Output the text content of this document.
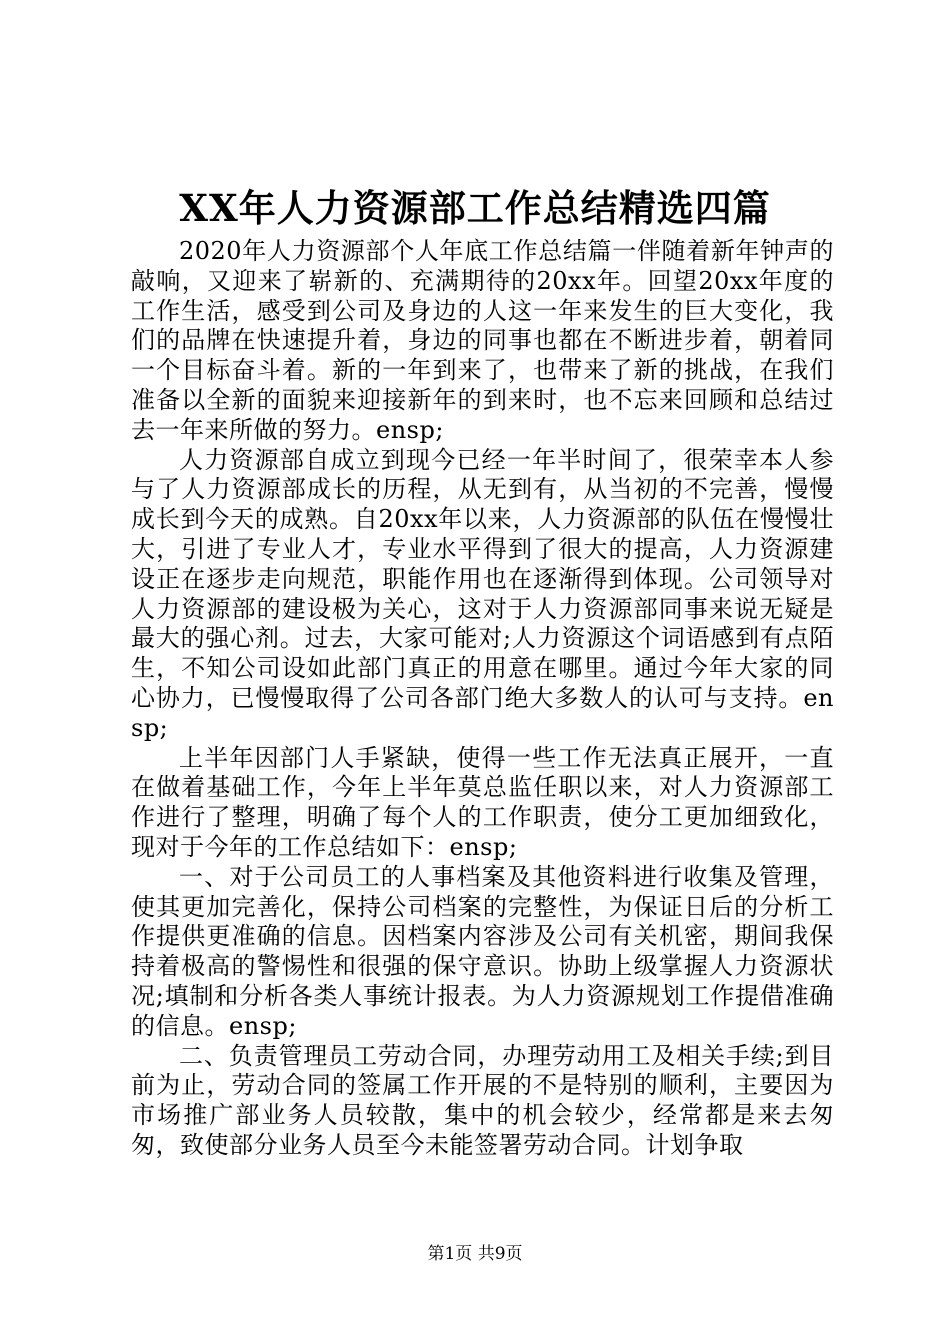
XX年人力资源部工作总结精选四篇

2020年人力资源部个人年底工作总结篇一伴随着新年钟声的敲响，又迎来了崭新的、充满期待的20xx年。回望20xx年度的工作生活，感受到公司及身边的人这一年来发生的巨大变化，我们的品牌在快速提升着，身边的同事也都在不断进步着，朝着同一个目标奋斗着。新的一年到来了，也带来了新的挑战，在我们准备以全新的面貌来迎接新年的到来时，也不忘来回顾和总结过去一年来所做的努力。ensp;

人力资源部自成立到现今已经一年半时间了，很荣幸本人参与了人力资源部成长的历程，从无到有，从当初的不完善，慢慢成长到今天的成熟。自20xx年以来，人力资源部的队伍在慢慢壮大，引进了专业人才，专业水平得到了很大的提高，人力资源建设正在逐步走向规范，职能作用也在逐渐得到体现。公司领导对人力资源部的建设极为关心，这对于人力资源部同事来说无疑是最大的强心剂。过去，大家可能对;人力资源这个词语感到有点陌生，不知公司设如此部门真正的用意在哪里。通过今年大家的同心协力，已慢慢取得了公司各部门绝大多数人的认可与支持。ensp;

上半年因部门人手紧缺，使得一些工作无法真正展开，一直在做着基础工作，今年上半年莫总监任职以来，对人力资源部工作进行了整理，明确了每个人的工作职责，使分工更加细致化，现对于今年的工作总结如下：ensp;

一、对于公司员工的人事档案及其他资料进行收集及管理，使其更加完善化，保持公司档案的完整性，为保证日后的分析工作提供更准确的信息。因档案内容涉及公司有关机密，期间我保持着极高的警惕性和很强的保守意识。协助上级掌握人力资源状况;填制和分析各类人事统计报表。为人力资源规划工作提借准确的信息。ensp;

二、负责管理员工劳动合同，办理劳动用工及相关手续;到目前为止，劳动合同的签属工作开展的不是特别的顺利，主要因为市场推广部业务人员较散，集中的机会较少，经常都是来去匆匆，致使部分业务人员至今未能签署劳动合同。计划争取

第1页 共9页
